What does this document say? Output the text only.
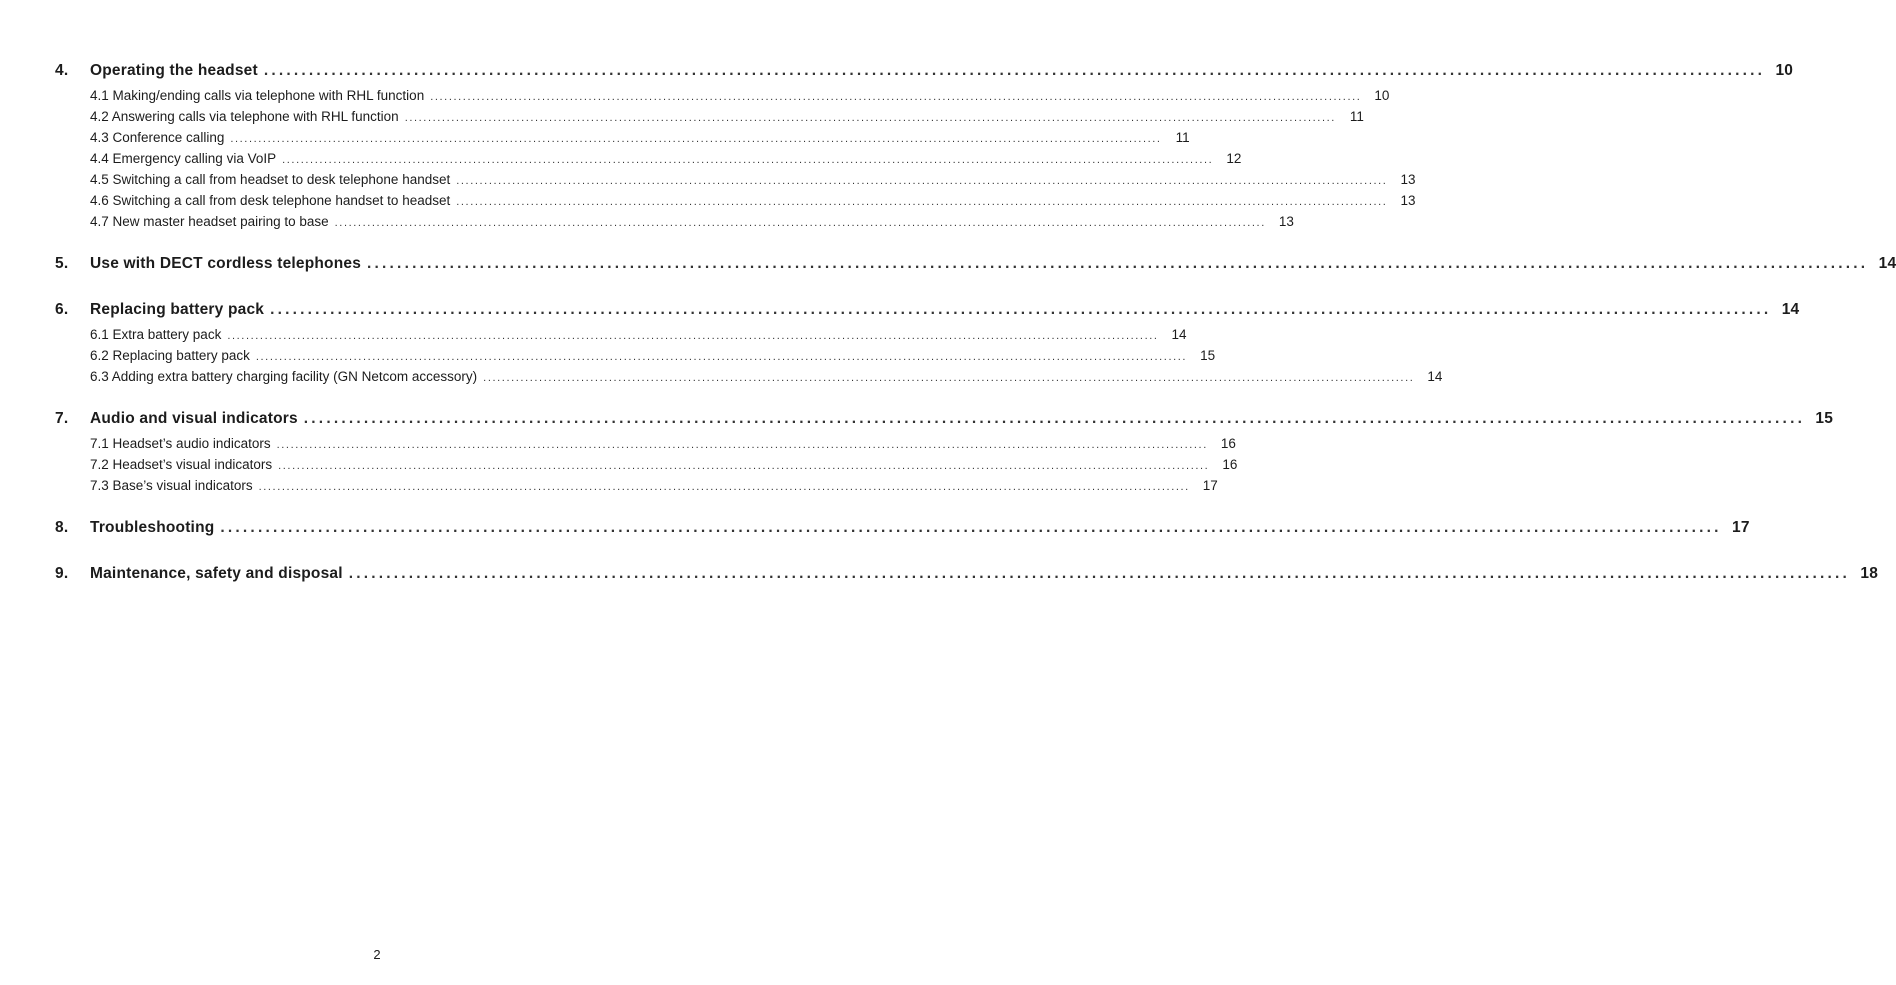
4.	Operating the headset ........................................................................................................................................................................................................ 10
4.1 Making/ending calls via telephone with RHL function ........................................................................................................................................................................................................ 10
4.2 Answering calls via telephone with RHL function ........................................................................................................................................................................................................	11
4.3 Conference calling ........................................................................................................................................................................................................	11
4.4 Emergency calling via VoIP ........................................................................................................................................................................................................ 12
4.5 Switching a call from headset to desk telephone handset ........................................................................................................................................................................................................ 13
4.6 Switching a call from desk telephone handset to headset ........................................................................................................................................................................................................ 13
4.7 New master headset pairing to base ........................................................................................................................................................................................................ 13
5.	Use with DECT cordless telephones ........................................................................................................................................................................................................ 14
6.	Replacing battery pack ........................................................................................................................................................................................................ 14
6.1 Extra battery pack ........................................................................................................................................................................................................ 14
6.2 Replacing battery pack ........................................................................................................................................................................................................ 15
6.3 Adding extra battery charging facility (GN Netcom accessory) ........................................................................................................................................................................................................ 14
7.	Audio and visual indicators ........................................................................................................................................................................................................ 15
7.1 Headset’s audio indicators ........................................................................................................................................................................................................ 16
7.2 Headset’s visual indicators ........................................................................................................................................................................................................ 16
7.3 Base’s visual indicators ........................................................................................................................................................................................................ 17
8.	Troubleshooting ........................................................................................................................................................................................................ 17
9.	Maintenance, safety and disposal ........................................................................................................................................................................................................ 18
2
